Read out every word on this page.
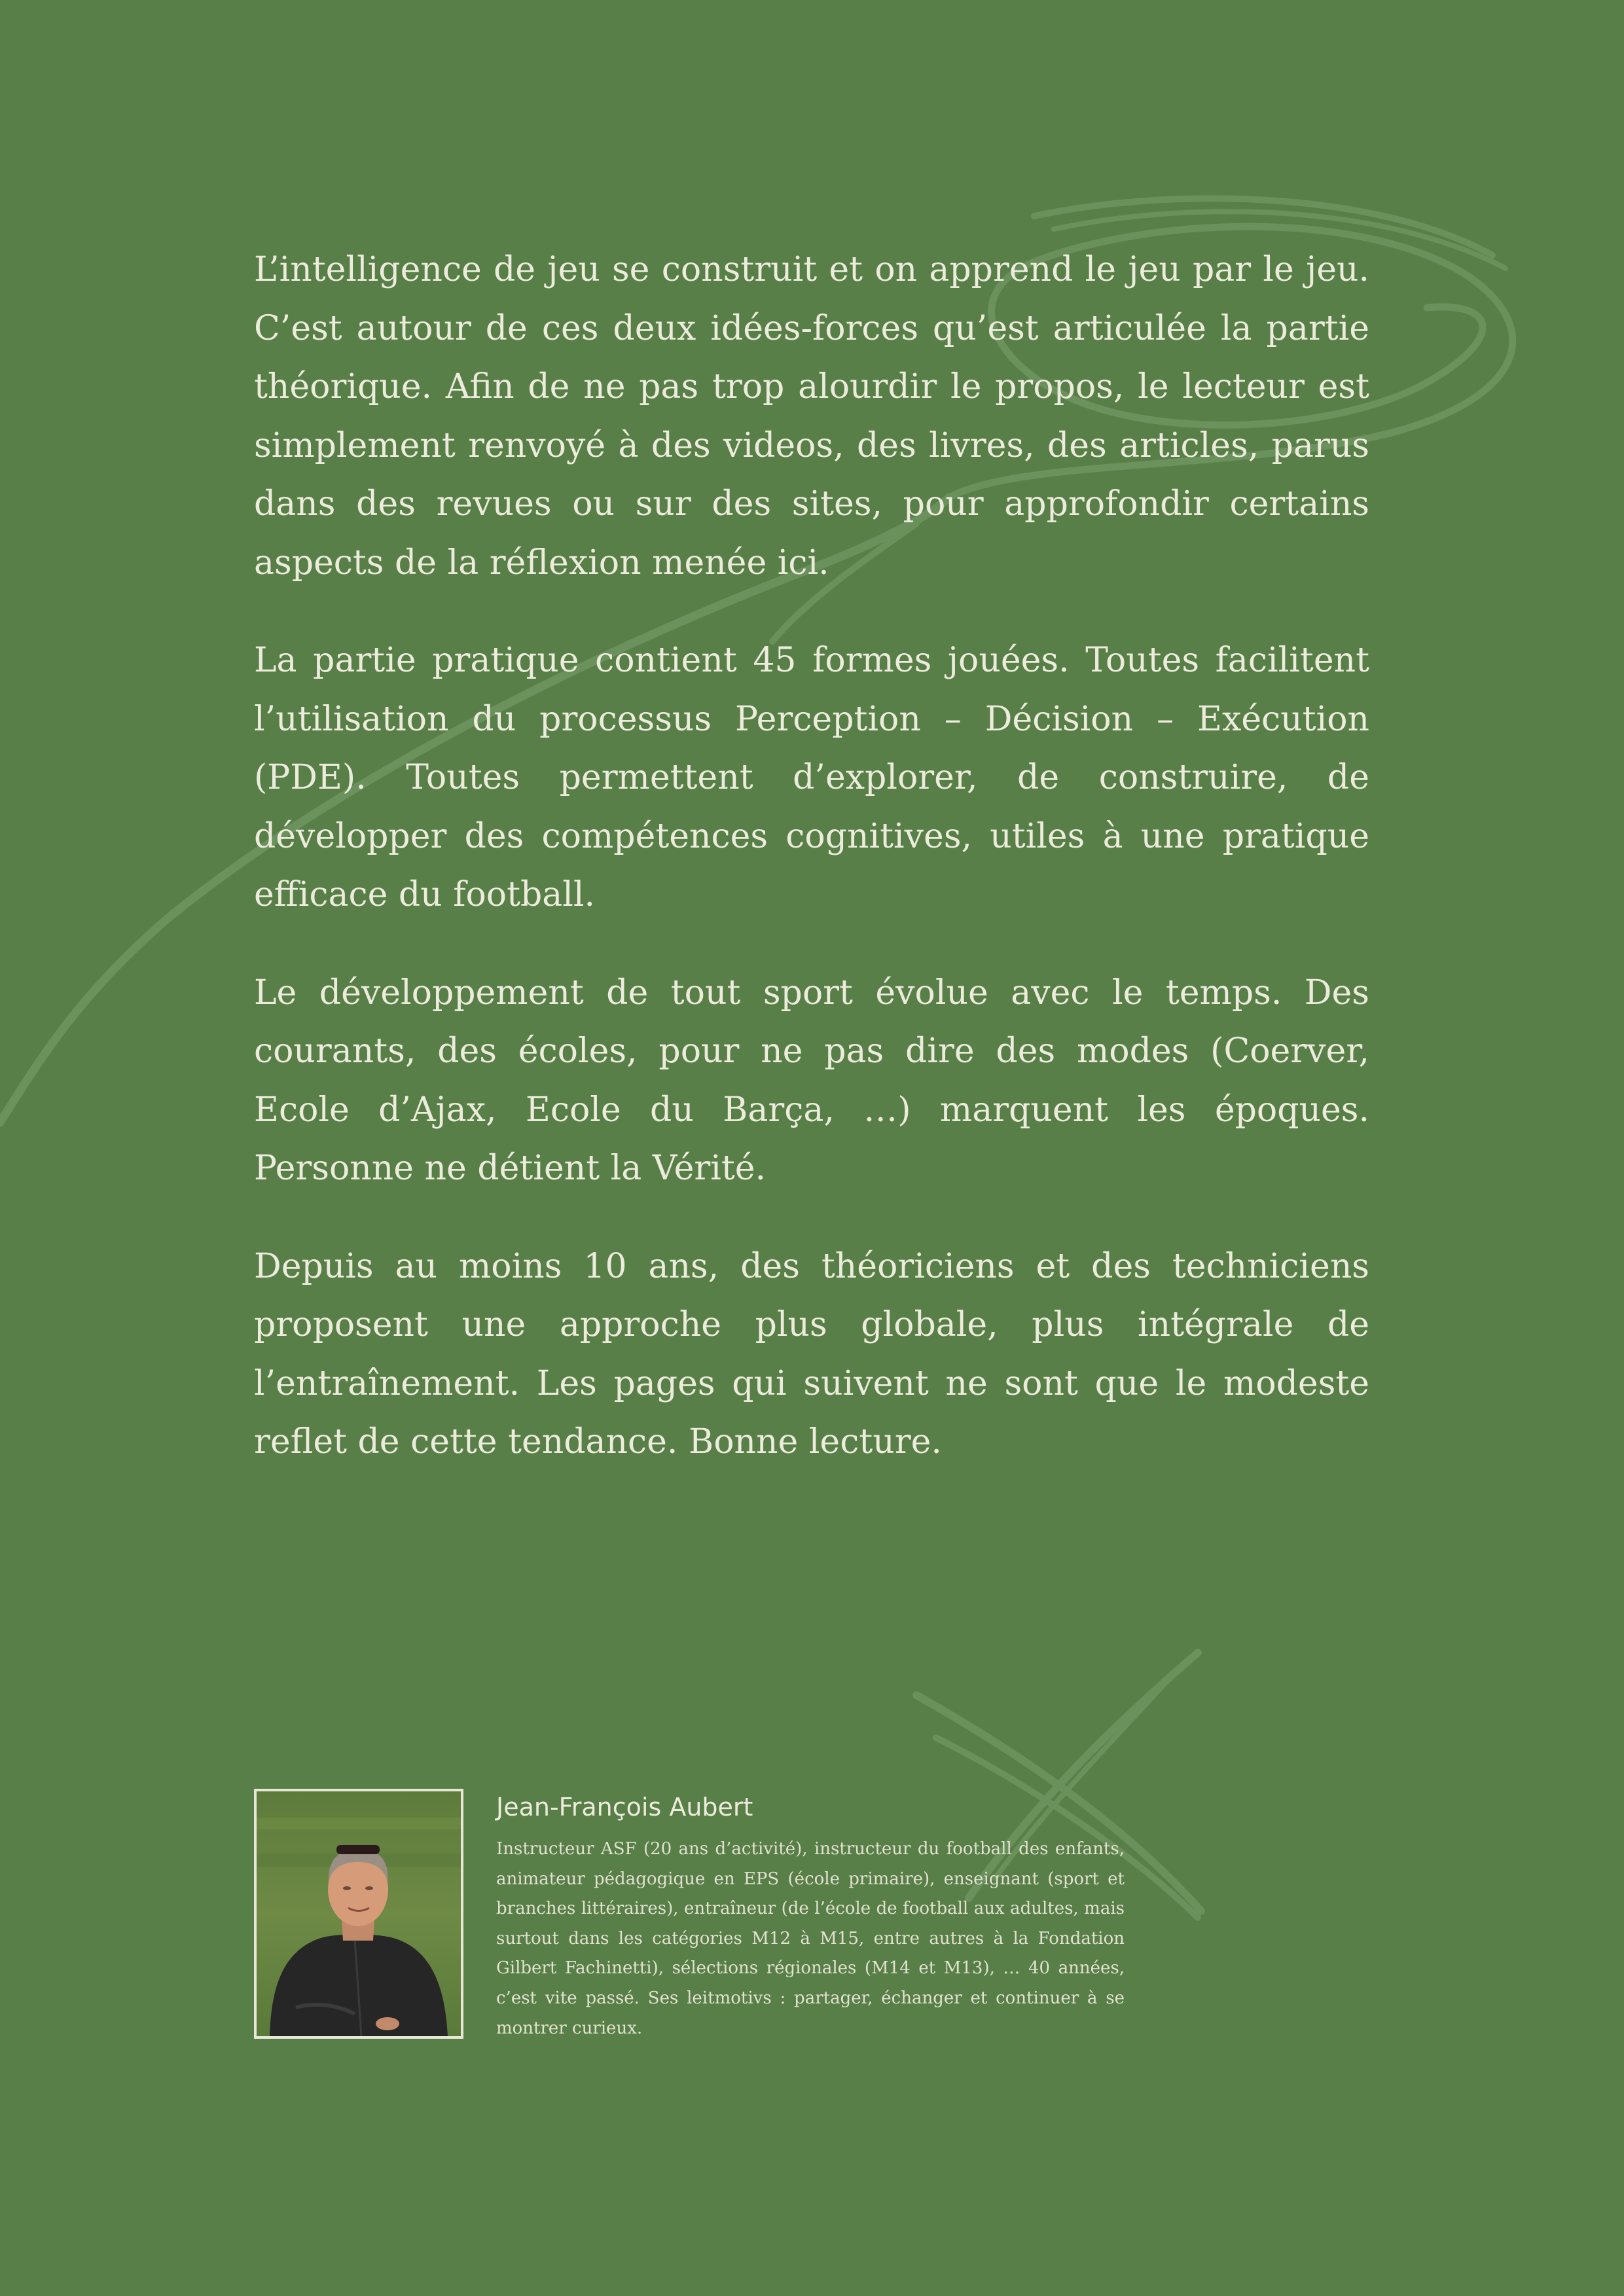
L’intelligence de jeu se construit et on apprend le jeu par le jeu. C’est autour de ces deux idées-forces qu’est articulée la partie théorique. Afin de ne pas trop alourdir le propos, le lecteur est simplement renvoyé à des videos, des livres, des articles, parus dans des revues ou sur des sites, pour approfondir certains aspects de la réflexion menée ici.

La partie pratique contient 45 formes jouées. Toutes facilitent l’utilisation du processus Perception – Décision – Exécution (PDE). Toutes permettent d’explorer, de construire, de développer des compétences cognitives, utiles à une pratique efficace du football.

Le développement de tout sport évolue avec le temps. Des courants, des écoles, pour ne pas dire des modes (Coerver, Ecole d’Ajax, Ecole du Barça, …) marquent les époques. Personne ne détient la Vérité.

Depuis au moins 10 ans, des théoriciens et des techniciens proposent une approche plus globale, plus intégrale de l’entraînement. Les pages qui suivent ne sont que le modeste reflet de cette tendance. Bonne lecture.

Jean-François Aubert

Instructeur ASF (20 ans d’activité), instructeur du football des enfants, animateur pédagogique en EPS (école primaire), enseignant (sport et branches littéraires), entraîneur (de l’école de football aux adultes, mais surtout dans les catégories M12 à M15, entre autres à la Fondation Gilbert Fachinetti), sélections régionales (M14 et M13), … 40 années, c’est vite passé. Ses leitmotivs : partager, échanger et continuer à se montrer curieux.
